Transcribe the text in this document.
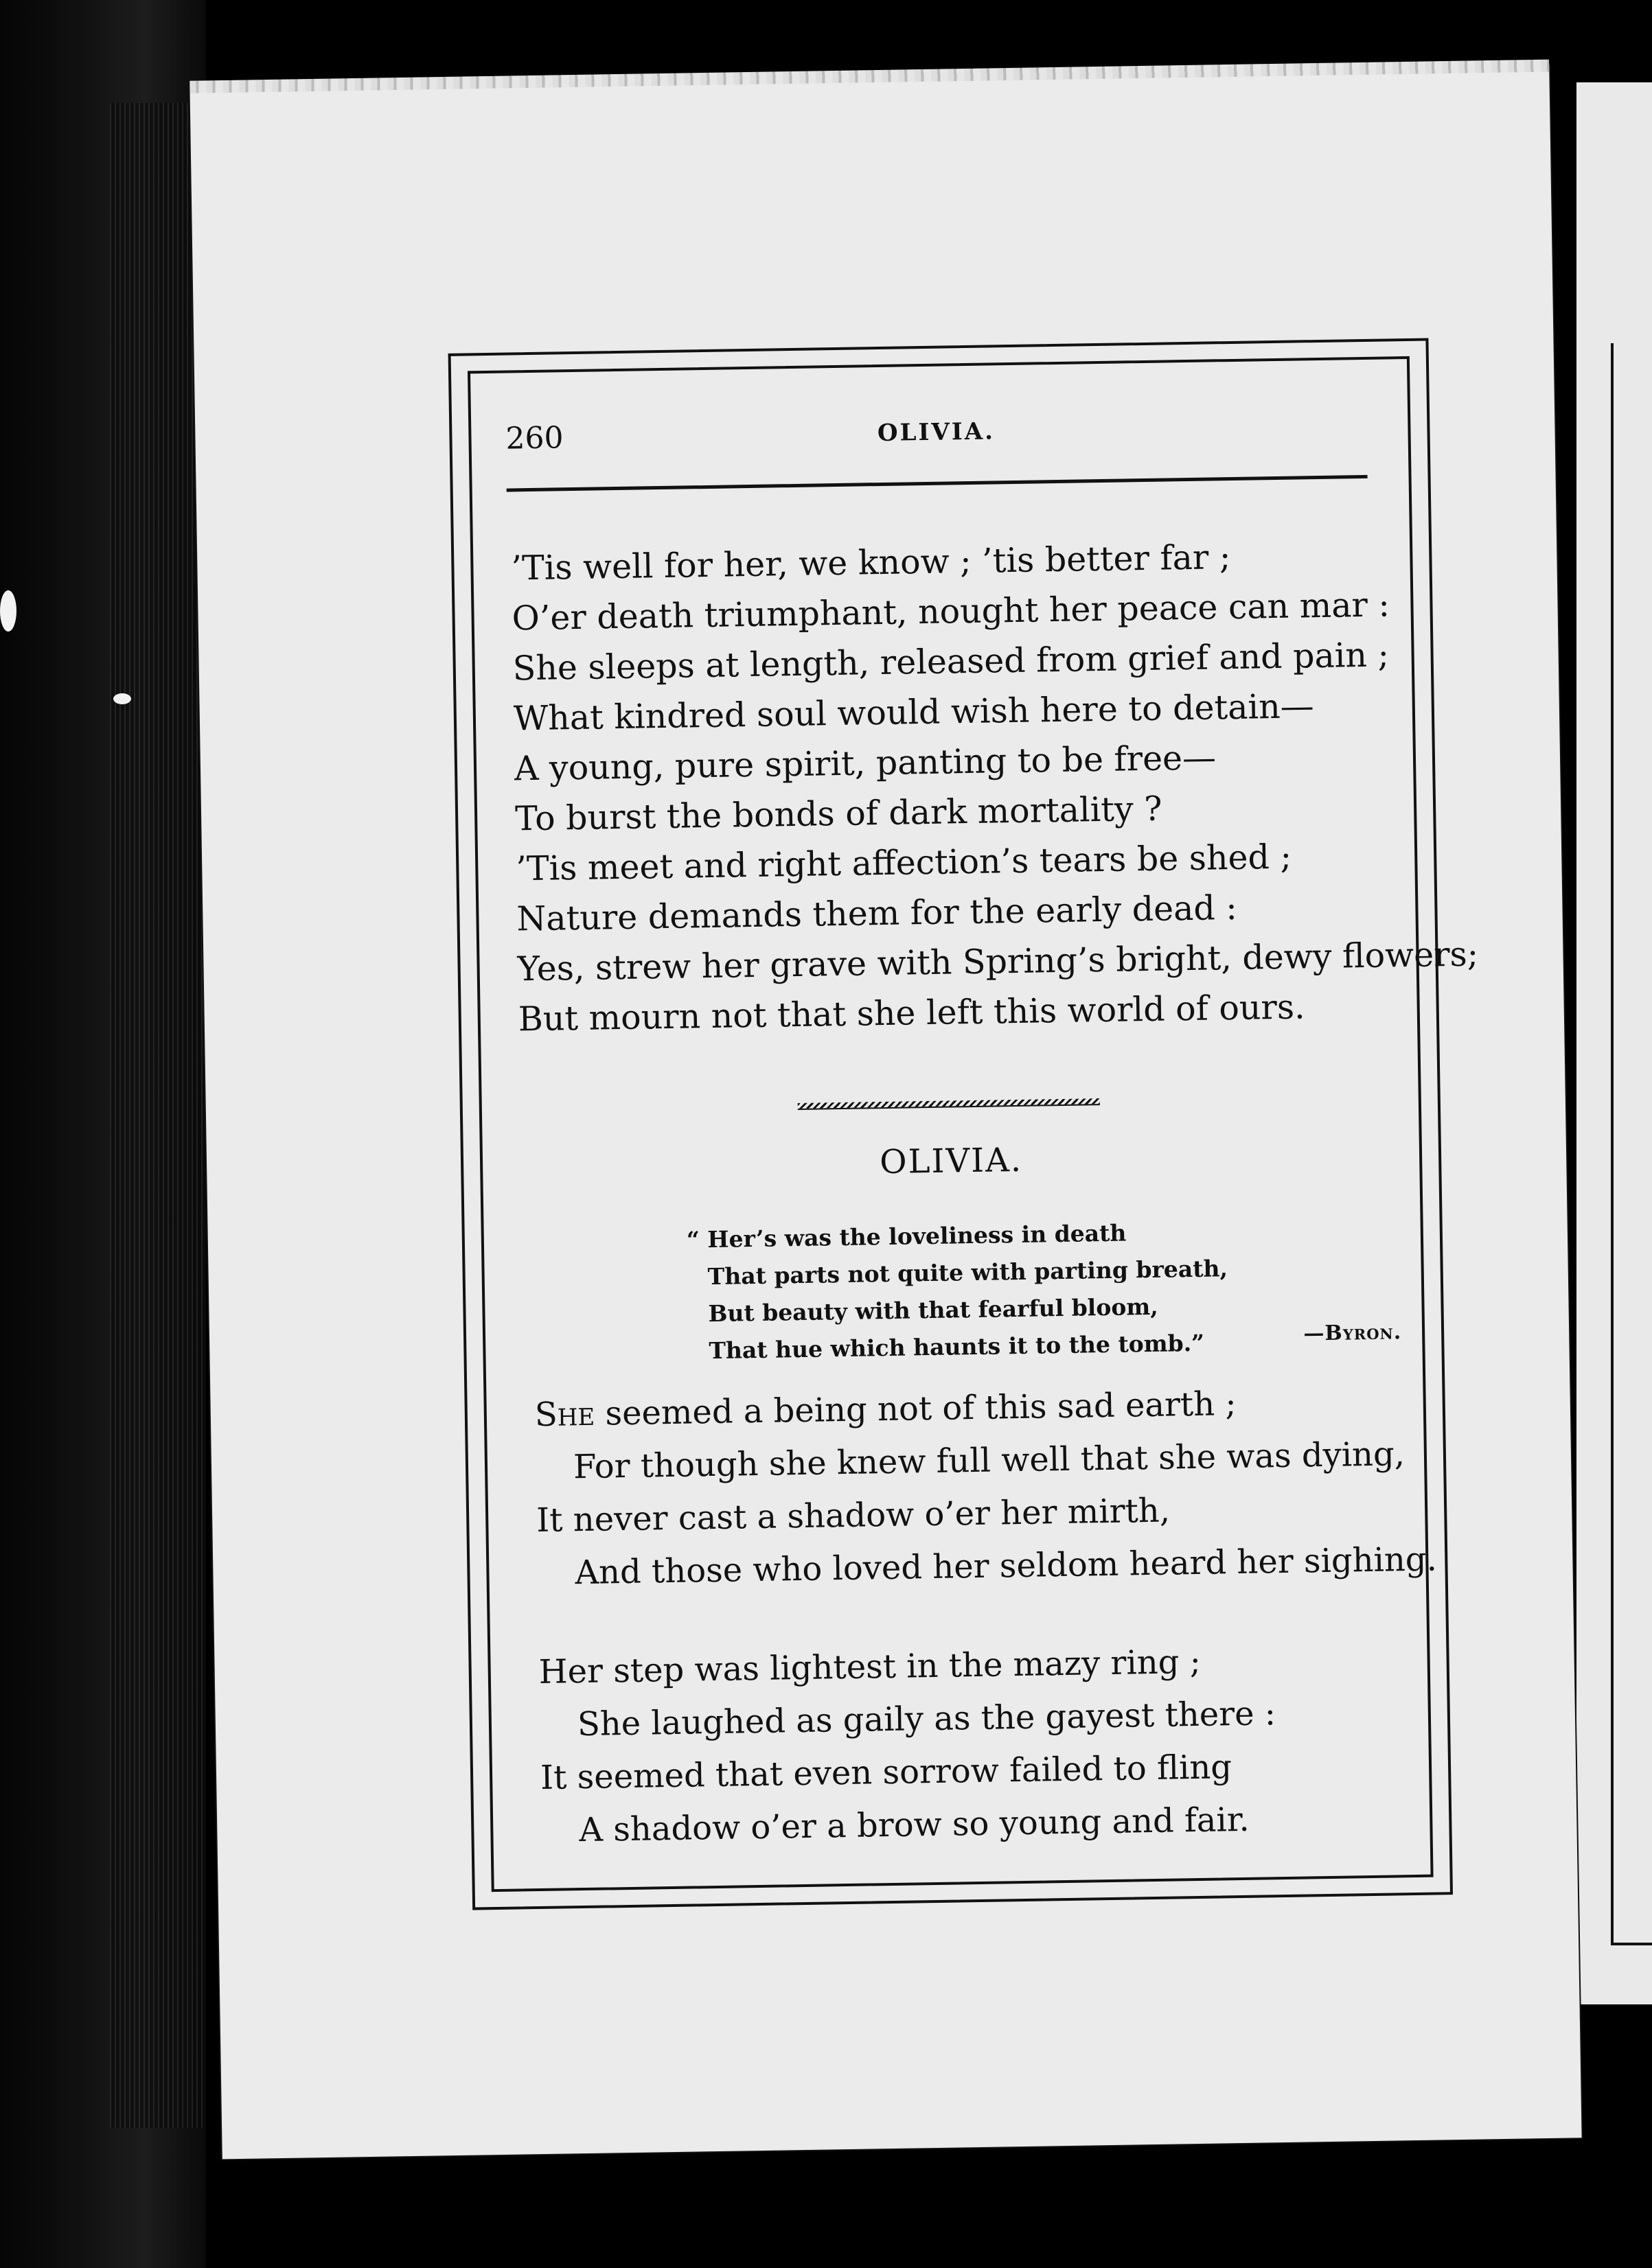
260	OLIVIA.
’Tis well for her, we know ; ’tis better far ;
O’er death triumphant, nought her peace can mar :
She sleeps at length, released from grief and pain ;
What kindred soul would wish here to detain—
A young, pure spirit, panting to be free—
To burst the bonds of dark mortality ?
’Tis meet and right affection’s tears be shed ;
Nature demands them for the early dead :
Yes, strew her grave with Spring’s bright, dewy flowers;
But mourn not that she left this world of ours.
OLIVIA.
“ Her’s was the loveliness in death
That parts not quite with parting breath,
But beauty with that fearful bloom,
That hue which haunts it to the tomb.”	—Byron.
She seemed a being not of this sad earth ;
For though she knew full well that she was dying,
It never cast a shadow o’er her mirth,
And those who loved her seldom heard her sighing.
Her step was lightest in the mazy ring ;
She laughed as gaily as the gayest there :
It seemed that even sorrow failed to fling
A shadow o’er a brow so young and fair.
